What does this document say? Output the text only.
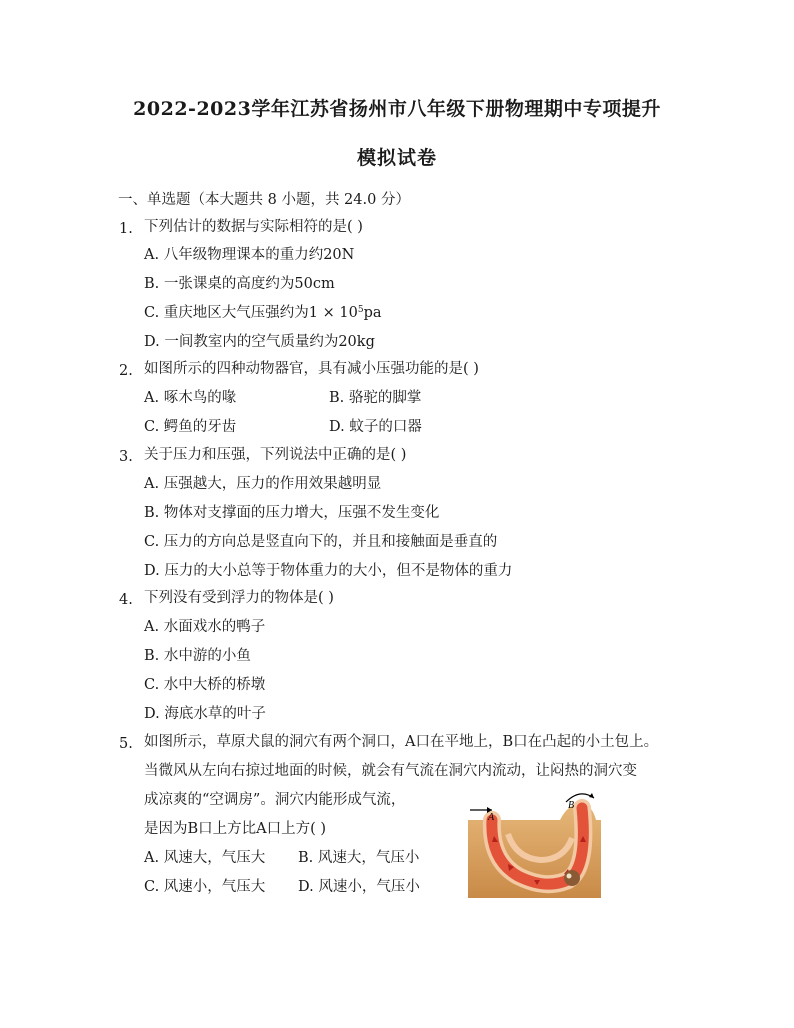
2022-2023学年江苏省扬州市八年级下册物理期中专项提升
模拟试卷
一、单选题（本大题共 8 小题，共 24.0 分）
1. 下列估计的数据与实际相符的是( )
A. 八年级物理课本的重力约20N
B. 一张课桌的高度约为50cm
C. 重庆地区大气压强约为$1 \times 10^5pa$
D. 一间教室内的空气质量约为20kg
2. 如图所示的四种动物器官，具有减小压强功能的是( )
A. 啄木鸟的喙	B. 骆驼的脚掌
C. 鳄鱼的牙齿	D. 蚊子的口器
3. 关于压力和压强，下列说法中正确的是( )
A. 压强越大，压力的作用效果越明显
B. 物体对支撑面的压力增大，压强不发生变化
C. 压力的方向总是竖直向下的，并且和接触面是垂直的
D. 压力的大小总等于物体重力的大小，但不是物体的重力
4. 下列没有受到浮力的物体是( )
A. 水面戏水的鸭子
B. 水中游的小鱼
C. 水中大桥的桥墩
D. 海底水草的叶子
5. 如图所示，草原犬鼠的洞穴有两个洞口，A口在平地上，B口在凸起的小土包上。
当微风从左向右掠过地面的时候，就会有气流在洞穴内流动，让闷热的洞穴变
成凉爽的“空调房”。洞穴内能形成气流，
是因为B口上方比A口上方( )
A. 风速大，气压大 B. 风速大，气压小
C. 风速小，气压大 D. 风速小，气压小
A
B
